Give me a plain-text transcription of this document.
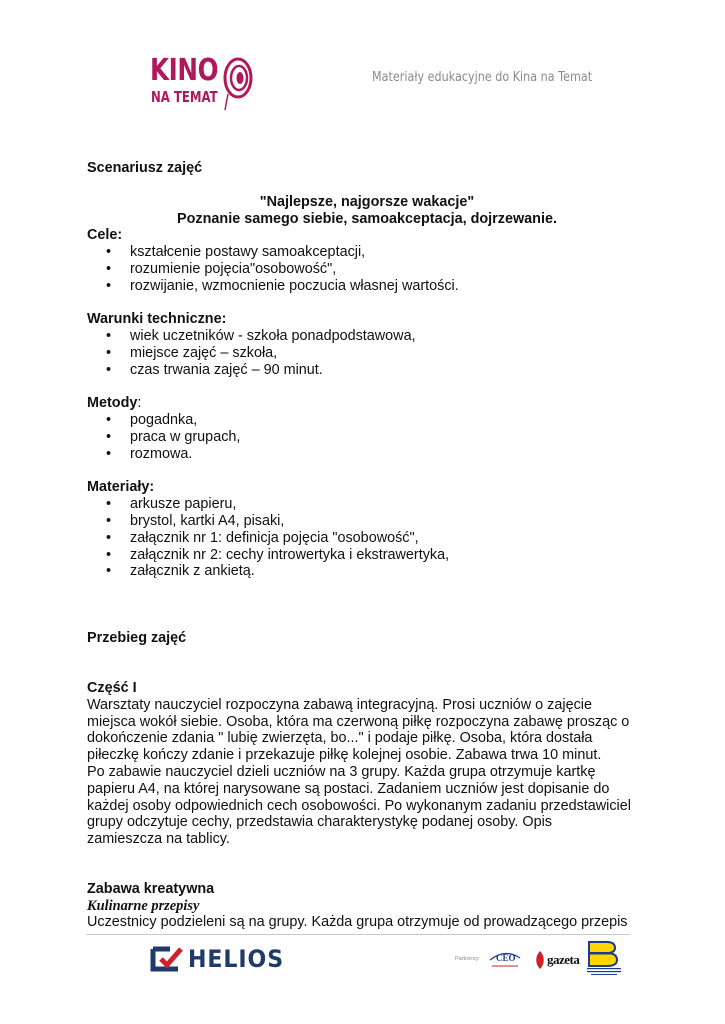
KINO
NA TEMAT
Materiały edukacyjne do Kina na Temat
Scenariusz zajęć
"Najlepsze, najgorsze wakacje"
Poznanie samego siebie, samoakceptacja, dojrzewanie.
Cele:
• kształcenie postawy samoakceptacji,
• rozumienie pojęcia"osobowość",
• rozwijanie, wzmocnienie poczucia własnej wartości.
Warunki techniczne:
• wiek uczetników - szkoła ponadpodstawowa,
• miejsce zajęć – szkoła,
• czas trwania zajęć – 90 minut.
Metody:
• pogadnka,
• praca w grupach,
• rozmowa.
Materiały:
• arkusze papieru,
• brystol, kartki A4, pisaki,
• załącznik nr 1: definicja pojęcia "osobowość",
• załącznik nr 2: cechy introwertyka i ekstrawertyka,
• załącznik z ankietą.
Przebieg zajęć
Część I
Warsztaty nauczyciel rozpoczyna zabawą integracyjną. Prosi uczniów o zajęcie
miejsca wokół siebie. Osoba, która ma czerwoną piłkę rozpoczyna zabawę prosząc o
dokończenie zdania " lubię zwierzęta, bo..." i podaje piłkę. Osoba, która dostała
piłeczkę kończy zdanie i przekazuje piłkę kolejnej osobie. Zabawa trwa 10 minut.
Po zabawie nauczyciel dzieli uczniów na 3 grupy. Każda grupa otrzymuje kartkę
papieru A4, na której narysowane są postaci. Zadaniem uczniów jest dopisanie do
każdej osoby odpowiednich cech osobowości. Po wykonanym zadaniu przedstawiciel
grupy odczytuje cechy, przedstawia charakterystykę podanej osoby. Opis
zamieszcza na tablicy.
Zabawa kreatywna
Kulinarne przepisy
Uczestnicy podzieleni są na grupy. Każda grupa otrzymuje od prowadzącego przepis
HELIOS	Partnerzy: CEO gazeta
